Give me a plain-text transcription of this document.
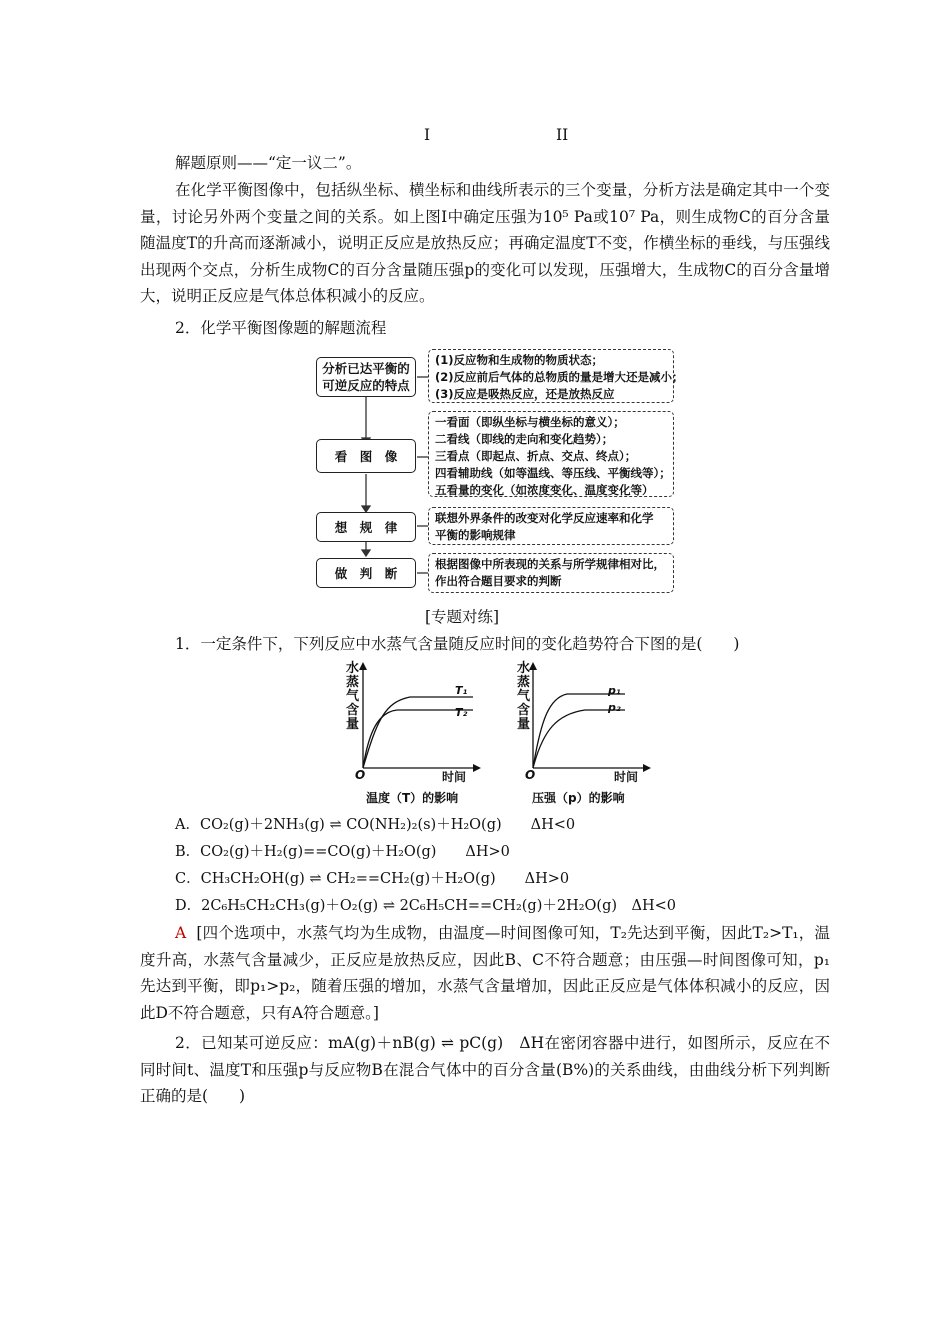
I	II
解题原则——“定一议二”。
在化学平衡图像中，包括纵坐标、横坐标和曲线所表示的三个变量，分析方法是确定其中一个变量，讨论另外两个变量之间的关系。如上图Ⅰ中确定压强为10⁵ Pa或10⁷ Pa，则生成物C的百分含量随温度T的升高而逐渐减小，说明正反应是放热反应；再确定温度T不变，作横坐标的垂线，与压强线出现两个交点，分析生成物C的百分含量随压强p的变化可以发现，压强增大，生成物C的百分含量增大，说明正反应是气体总体积减小的反应。
2．化学平衡图像题的解题流程
分析已达平衡的可逆反应的特点
(1)反应物和生成物的物质状态；
(2)反应前后气体的总物质的量是增大还是减小；
(3)反应是吸热反应，还是放热反应
看　图　像
一看面（即纵坐标与横坐标的意义）；
二看线（即线的走向和变化趋势）；
三看点（即起点、折点、交点、终点）；
四看辅助线（如等温线、等压线、平衡线等）；
五看量的变化（如浓度变化、温度变化等）
想　规　律
联想外界条件的改变对化学反应速率和化学
平衡的影响规律
做　判　断
根据图像中所表现的关系与所学规律相对比，
作出符合题目要求的判断
[专题对练]
1．一定条件下，下列反应中水蒸气含量随反应时间的变化趋势符合下图的是(　　)
水蒸气含量
T₁
T₂
O	时间
温度（T）的影响
水蒸气含量
p₁
p₂
O	时间
压强（p）的影响
A．CO₂(g)＋2NH₃(g) ⇌ CO(NH₂)₂(s)＋H₂O(g)　　ΔH<0
B．CO₂(g)＋H₂(g)==CO(g)＋H₂O(g)　　ΔH>0
C．CH₃CH₂OH(g) ⇌ CH₂==CH₂(g)＋H₂O(g)　　ΔH>0
D．2C₆H₅CH₂CH₃(g)＋O₂(g) ⇌ 2C₆H₅CH==CH₂(g)＋2H₂O(g)　ΔH<0
A [四个选项中，水蒸气均为生成物，由温度—时间图像可知，T₂先达到平衡，因此T₂>T₁，温度升高，水蒸气含量减少，正反应是放热反应，因此B、C不符合题意；由压强—时间图像可知，p₁先达到平衡，即p₁>p₂，随着压强的增加，水蒸气含量增加，因此正反应是气体体积减小的反应，因此D不符合题意，只有A符合题意。]
2．已知某可逆反应：mA(g)＋nB(g) ⇌ pC(g)　ΔH在密闭容器中进行，如图所示，反应在不同时间t、温度T和压强p与反应物B在混合气体中的百分含量(B%)的关系曲线，由曲线分析下列判断正确的是(　　)
